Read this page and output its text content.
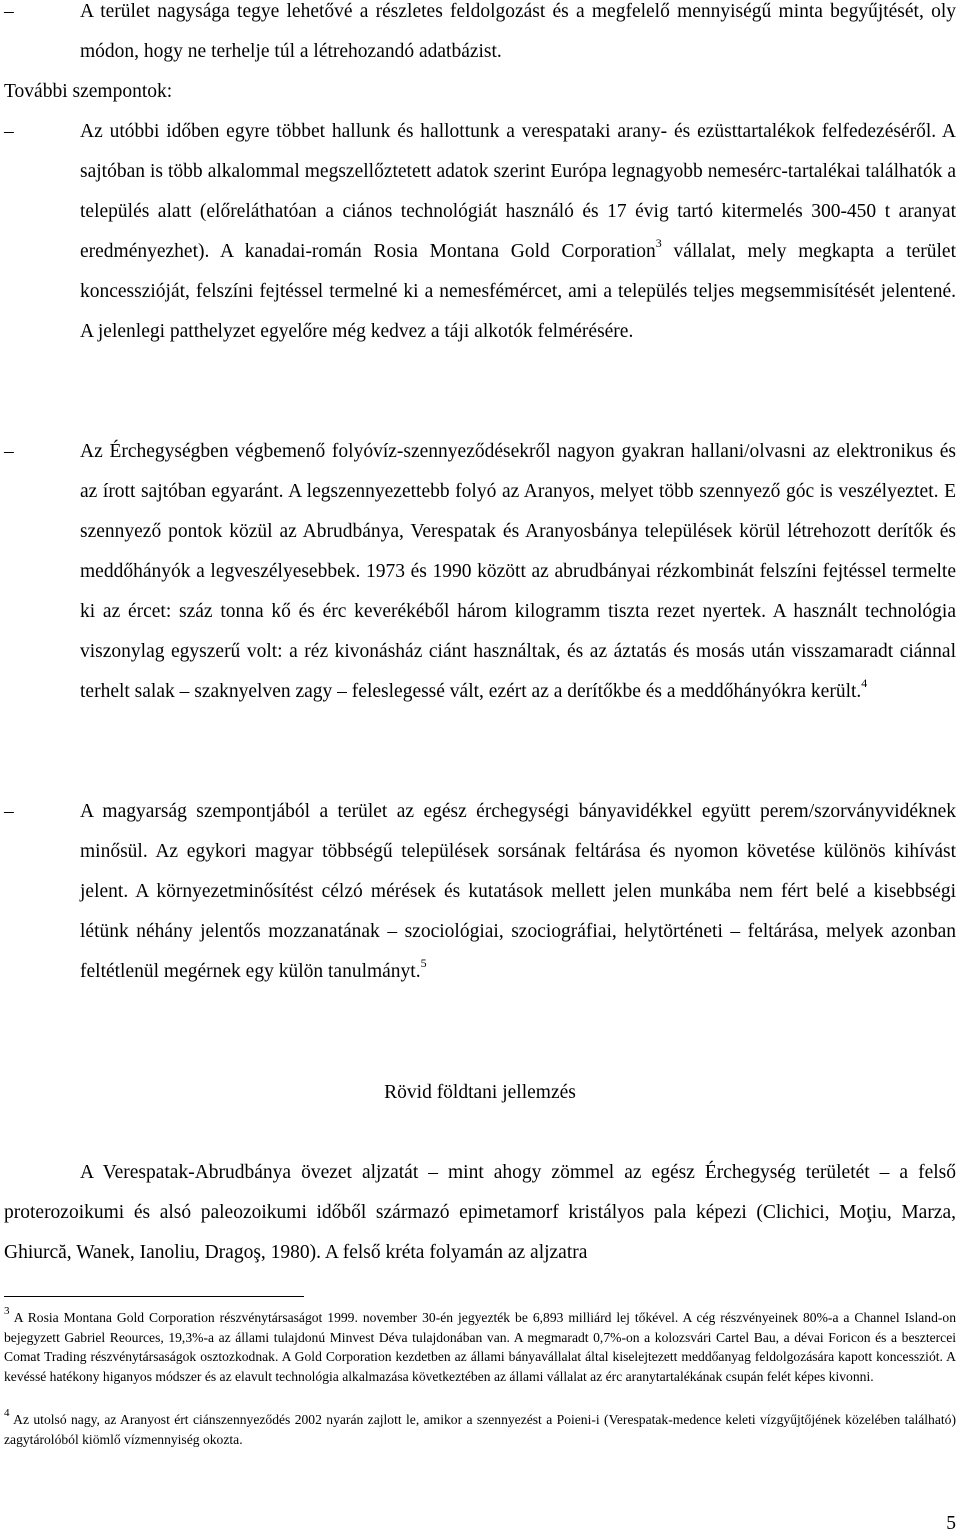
–	A terület nagysága tegye lehetővé a részletes feldolgozást és a megfelelő mennyiségű minta begyűjtését, oly módon, hogy ne terhelje túl a létrehozandó adatbázist.
További szempontok:
–	Az utóbbi időben egyre többet hallunk és hallottunk a verespataki arany- és ezüsttartalékok felfedezéséről. A sajtóban is több alkalommal megszellőztetett adatok szerint Európa legnagyobb nemesérc-tartalékai találhatók a település alatt (előreláthatóan a ciános technológiát használó és 17 évig tartó kitermelés 300-450 t aranyat eredményezhet). A kanadai-román Rosia Montana Gold Corporation$^3$ vállalat, mely megkapta a terület koncesszióját, felszíni fejtéssel termelné ki a nemesfémércet, ami a település teljes megsemmisítését jelentené. A jelenlegi patthelyzet egyelőre még kedvez a táji alkotók felmérésére.
–	Az Érchegységben végbemenő folyóvíz-szennyeződésekről nagyon gyakran hallani/olvasni az elektronikus és az írott sajtóban egyaránt. A legszennyezettebb folyó az Aranyos, melyet több szennyező góc is veszélyeztet. E szennyező pontok közül az Abrudbánya, Verespatak és Aranyosbánya települések körül létrehozott derítők és meddőhányók a legveszélyesebbek. 1973 és 1990 között az abrudbányai rézkombinát felszíni fejtéssel termelte ki az ércet: száz tonna kő és érc keverékéből három kilogramm tiszta rezet nyertek. A használt technológia viszonylag egyszerű volt: a réz kivonásház ciánt használtak, és az áztatás és mosás után visszamaradt ciánnal terhelt salak – szaknyelven zagy – feleslegessé vált, ezért az a derítőkbe és a meddőhányókra került.$^4$
–	A magyarság szempontjából a terület az egész érchegységi bányavidékkel együtt perem/szorványvidéknek minősül. Az egykori magyar többségű települések sorsának feltárása és nyomon követése különös kihívást jelent. A környezetminősítést célzó mérések és kutatások mellett jelen munkába nem fért belé a kisebbségi létünk néhány jelentős mozzanatának – szociológiai, szociográfiai, helytörténeti – feltárása, melyek azonban feltétlenül megérnek egy külön tanulmányt.$^5$
Rövid földtani jellemzés
A Verespatak-Abrudbánya övezet aljzatát – mint ahogy zömmel az egész Érchegység területét – a felső proterozoikumi és alsó paleozoikumi időből származó epimetamorf kristályos pala képezi (Clichici, Moţiu, Marza, Ghiurcă, Wanek, Ianoliu, Dragoş, 1980). A felső kréta folyamán az aljzatra
$^3$ A Rosia Montana Gold Corporation részvénytársaságot 1999. november 30-én jegyezték be 6,893 milliárd lej tőkével. A cég részvényeinek 80%-a a Channel Island-on bejegyzett Gabriel Reources, 19,3%-a az állami tulajdonú Minvest Déva tulajdonában van. A megmaradt 0,7%-on a kolozsvári Cartel Bau, a dévai Foricon és a besztercei Comat Trading részvénytársaságok osztozkodnak. A Gold Corporation kezdetben az állami bányavállalat által kiselejtezett meddőanyag feldolgozására kapott koncessziót. A kevéssé hatékony higanyos módszer és az elavult technológia alkalmazása következtében az állami vállalat az érc aranytartalékának csupán felét képes kivonni.
$^4$ Az utolsó nagy, az Aranyost ért ciánszennyeződés 2002 nyarán zajlott le, amikor a szennyezést a Poieni-i (Verespatak-medence keleti vízgyűjtőjének közelében található) zagytárolóból kiömlő vízmennyiség okozta.
5
